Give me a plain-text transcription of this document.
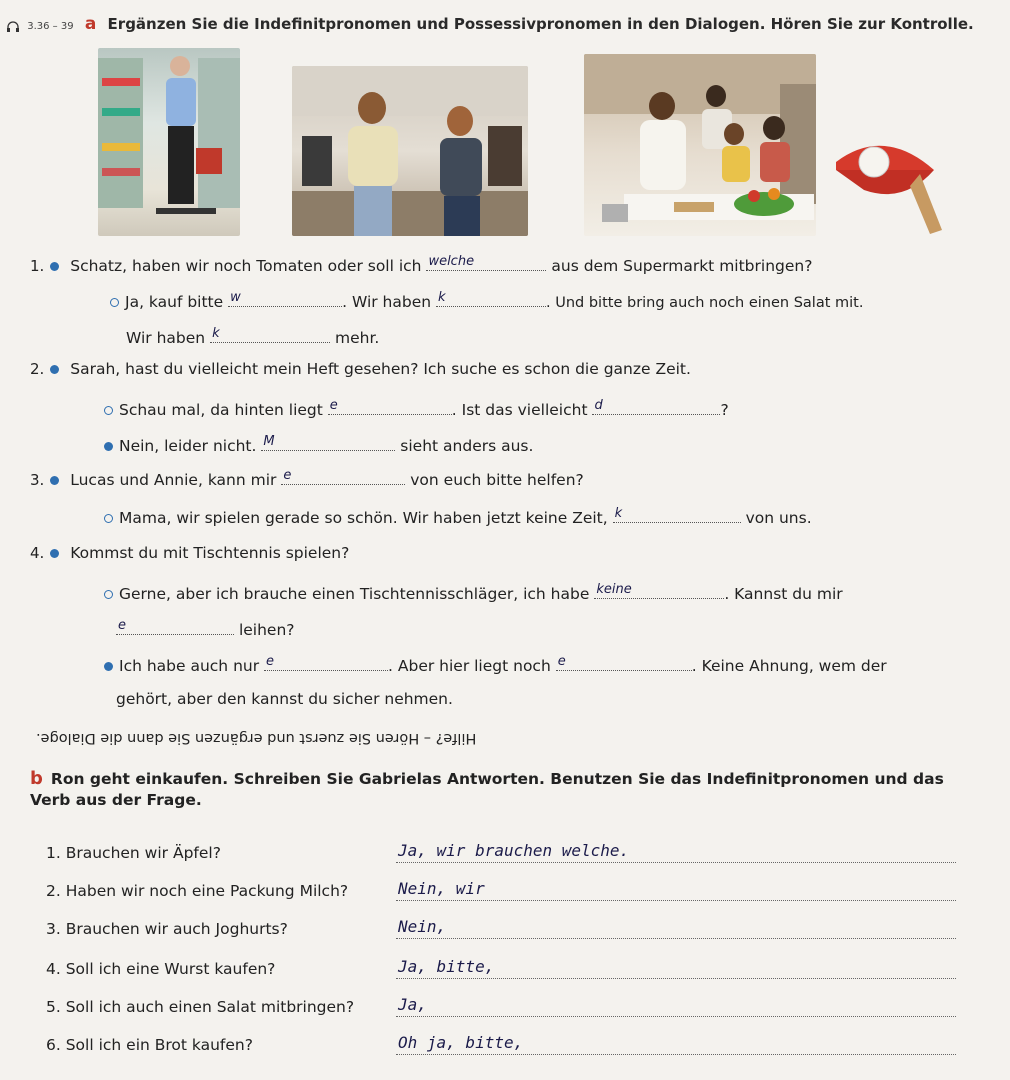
3.36 – 39 a Ergänzen Sie die Indefinitpronomen und Possessivpronomen in den Dialogen. Hören Sie zur Kontrolle.
1. Schatz, haben wir noch Tomaten oder soll ich welche	aus dem Supermarkt mitbringen?
Ja, kauf bitte w	. Wir haben k	. Und bitte bring auch noch einen Salat mit.
Wir haben k	mehr.
2. Sarah, hast du vielleicht mein Heft gesehen? Ich suche es schon die ganze Zeit.
Schau mal, da hinten liegt e	. Ist das vielleicht d	?
Nein, leider nicht. M	sieht anders aus.
3. Lucas und Annie, kann mir e	von euch bitte helfen?
Mama, wir spielen gerade so schön. Wir haben jetzt keine Zeit, k	von uns.
4. Kommst du mit Tischtennis spielen?
Gerne, aber ich brauche einen Tischtennisschläger, ich habe keine	. Kannst du mir
e	leihen?
Ich habe auch nur e	. Aber hier liegt noch e	. Keine Ahnung, wem der
gehört, aber den kannst du sicher nehmen.
Hilfe? – Hören Sie zuerst und ergänzen Sie dann die Dialoge.
b Ron geht einkaufen. Schreiben Sie Gabrielas Antworten. Benutzen Sie das Indefinitpronomen und das Verb aus der Frage.
1. Brauchen wir Äpfel?	Ja, wir brauchen welche.
2. Haben wir noch eine Packung Milch?	Nein, wir
3. Brauchen wir auch Joghurts?	Nein,
4. Soll ich eine Wurst kaufen?	Ja, bitte,
5. Soll ich auch einen Salat mitbringen?	Ja,
6. Soll ich ein Brot kaufen?	Oh ja, bitte,
